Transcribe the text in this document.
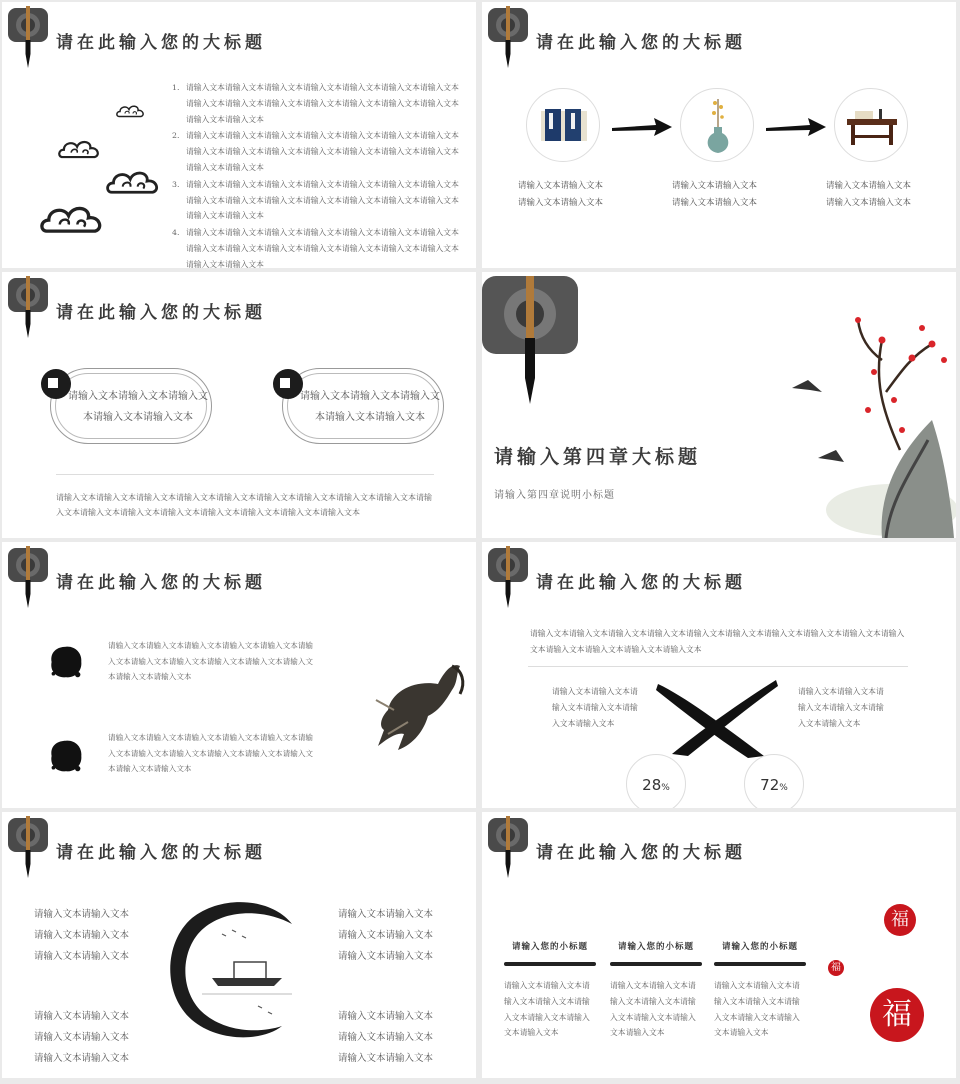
请在此输入您的大标题
1. 请输入文本请输入文本请输入文本请输入文本请输入文本请输入文本请输入文本请输入文本请输入文本请输入文本请输入文本请输入文本请输入文本请输入文本请输入文本请输入文本
2. 请输入文本请输入文本请输入文本请输入文本请输入文本请输入文本请输入文本请输入文本请输入文本请输入文本请输入文本请输入文本请输入文本请输入文本请输入文本请输入文本
3. 请输入文本请输入文本请输入文本请输入文本请输入文本请输入文本请输入文本请输入文本请输入文本请输入文本请输入文本请输入文本请输入文本请输入文本请输入文本请输入文本
4. 请输入文本请输入文本请输入文本请输入文本请输入文本请输入文本请输入文本请输入文本请输入文本请输入文本请输入文本请输入文本请输入文本请输入文本请输入文本请输入文本
请在此输入您的大标题
请输入文本请输入文本请输入文本请输入文本
请输入文本请输入文本请输入文本请输入文本
请输入文本请输入文本请输入文本请输入文本
请在此输入您的大标题
请输入文本请输入文本请输入文本请输入文本请输入文本
请输入文本请输入文本请输入文本请输入文本请输入文本
请输入文本请输入文本请输入文本请输入文本请输入文本请输入文本请输入文本请输入文本请输入文本请输入文本请输入文本请输入文本请输入文本请输入文本请输入文本请输入文本请输入文本
请输入第四章大标题
请输入第四章说明小标题
请在此输入您的大标题
请输入文本请输入文本请输入文本请输入文本请输入文本请输入文本请输入文本请输入文本请输入文本请输入文本请输入文本请输入文本请输入文本
请输入文本请输入文本请输入文本请输入文本请输入文本请输入文本请输入文本请输入文本请输入文本请输入文本请输入文本请输入文本请输入文本
请在此输入您的大标题
请输入文本请输入文本请输入文本请输入文本请输入文本请输入文本请输入文本请输入文本请输入文本请输入文本请输入文本请输入文本请输入文本请输入文本
请输入文本请输入文本请输入文本请输入文本请输入文本请输入文本
请输入文本请输入文本请输入文本请输入文本请输入文本请输入文本
28%	72%
请在此输入您的大标题
请输入文本请输入文本
请输入文本请输入文本
请输入文本请输入文本
请输入文本请输入文本
请输入文本请输入文本
请输入文本请输入文本
请输入文本请输入文本
请输入文本请输入文本
请输入文本请输入文本
请输入文本请输入文本
请输入文本请输入文本
请输入文本请输入文本
请在此输入您的大标题
请输入您的小标题
请输入文本请输入文本请输入文本请输入文本请输入文本请输入文本请输入文本请输入文本
请输入您的小标题
请输入文本请输入文本请输入文本请输入文本请输入文本请输入文本请输入文本请输入文本
请输入您的小标题
请输入文本请输入文本请输入文本请输入文本请输入文本请输入文本请输入文本请输入文本
福
福
福
